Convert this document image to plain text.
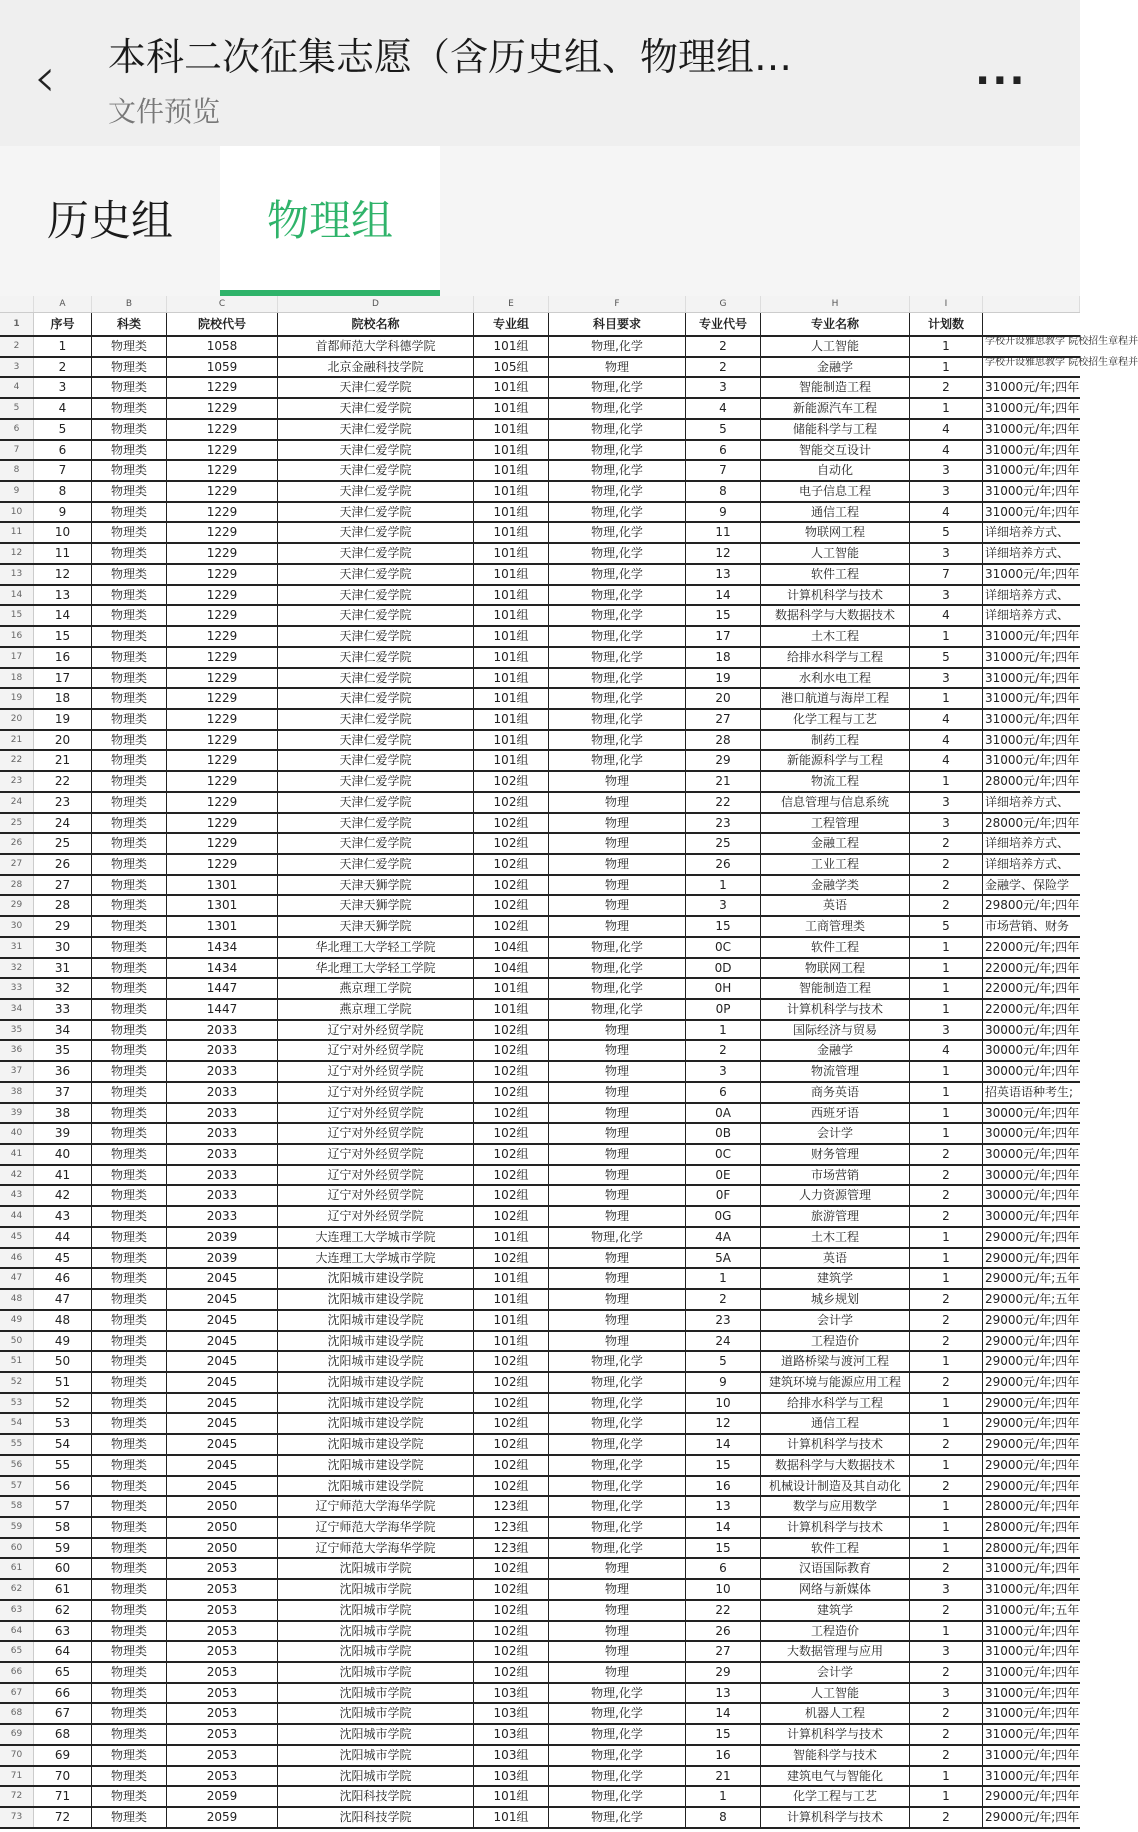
‹	本科二次征集志愿（含历史组、物理组…
文件预览
···
历史组	物理组
A	B	C	D	E	F	G	H	I
1	序号	科类	院校代号	院校名称	专业组	科目要求	专业代号	专业名称	计划数
2	1	物理类	1058	首都师范大学科德学院	101组	物理,化学	2	人工智能	1	学校开设雅思教学 院校招生章程并
3	2	物理类	1059	北京金融科技学院	105组	物理	2	金融学	1	学校开设雅思教学 院校招生章程并
4	3	物理类	1229	天津仁爱学院	101组	物理,化学	3	智能制造工程	2	31000元/年;四年
5	4	物理类	1229	天津仁爱学院	101组	物理,化学	4	新能源汽车工程	1	31000元/年;四年
6	5	物理类	1229	天津仁爱学院	101组	物理,化学	5	储能科学与工程	4	31000元/年;四年
7	6	物理类	1229	天津仁爱学院	101组	物理,化学	6	智能交互设计	4	31000元/年;四年
8	7	物理类	1229	天津仁爱学院	101组	物理,化学	7	自动化	3	31000元/年;四年
9	8	物理类	1229	天津仁爱学院	101组	物理,化学	8	电子信息工程	3	31000元/年;四年
10	9	物理类	1229	天津仁爱学院	101组	物理,化学	9	通信工程	4	31000元/年;四年
11	10	物理类	1229	天津仁爱学院	101组	物理,化学	11	物联网工程	5	详细培养方式、
12	11	物理类	1229	天津仁爱学院	101组	物理,化学	12	人工智能	3	详细培养方式、
13	12	物理类	1229	天津仁爱学院	101组	物理,化学	13	软件工程	7	31000元/年;四年
14	13	物理类	1229	天津仁爱学院	101组	物理,化学	14	计算机科学与技术	3	详细培养方式、
15	14	物理类	1229	天津仁爱学院	101组	物理,化学	15	数据科学与大数据技术	4	详细培养方式、
16	15	物理类	1229	天津仁爱学院	101组	物理,化学	17	土木工程	1	31000元/年;四年
17	16	物理类	1229	天津仁爱学院	101组	物理,化学	18	给排水科学与工程	5	31000元/年;四年
18	17	物理类	1229	天津仁爱学院	101组	物理,化学	19	水利水电工程	3	31000元/年;四年
19	18	物理类	1229	天津仁爱学院	101组	物理,化学	20	港口航道与海岸工程	1	31000元/年;四年
20	19	物理类	1229	天津仁爱学院	101组	物理,化学	27	化学工程与工艺	4	31000元/年;四年
21	20	物理类	1229	天津仁爱学院	101组	物理,化学	28	制药工程	4	31000元/年;四年
22	21	物理类	1229	天津仁爱学院	101组	物理,化学	29	新能源科学与工程	4	31000元/年;四年
23	22	物理类	1229	天津仁爱学院	102组	物理	21	物流工程	1	28000元/年;四年
24	23	物理类	1229	天津仁爱学院	102组	物理	22	信息管理与信息系统	3	详细培养方式、
25	24	物理类	1229	天津仁爱学院	102组	物理	23	工程管理	3	28000元/年;四年
26	25	物理类	1229	天津仁爱学院	102组	物理	25	金融工程	2	详细培养方式、
27	26	物理类	1229	天津仁爱学院	102组	物理	26	工业工程	2	详细培养方式、
28	27	物理类	1301	天津天狮学院	102组	物理	1	金融学类	2	金融学、保险学
29	28	物理类	1301	天津天狮学院	102组	物理	3	英语	2	29800元/年;四年
30	29	物理类	1301	天津天狮学院	102组	物理	15	工商管理类	5	市场营销、财务
31	30	物理类	1434	华北理工大学轻工学院	104组	物理,化学	0C	软件工程	1	22000元/年;四年
32	31	物理类	1434	华北理工大学轻工学院	104组	物理,化学	0D	物联网工程	1	22000元/年;四年
33	32	物理类	1447	燕京理工学院	101组	物理,化学	0H	智能制造工程	1	22000元/年;四年
34	33	物理类	1447	燕京理工学院	101组	物理,化学	0P	计算机科学与技术	1	22000元/年;四年
35	34	物理类	2033	辽宁对外经贸学院	102组	物理	1	国际经济与贸易	3	30000元/年;四年
36	35	物理类	2033	辽宁对外经贸学院	102组	物理	2	金融学	4	30000元/年;四年
37	36	物理类	2033	辽宁对外经贸学院	102组	物理	3	物流管理	1	30000元/年;四年
38	37	物理类	2033	辽宁对外经贸学院	102组	物理	6	商务英语	1	招英语语种考生;
39	38	物理类	2033	辽宁对外经贸学院	102组	物理	0A	西班牙语	1	30000元/年;四年
40	39	物理类	2033	辽宁对外经贸学院	102组	物理	0B	会计学	1	30000元/年;四年
41	40	物理类	2033	辽宁对外经贸学院	102组	物理	0C	财务管理	2	30000元/年;四年
42	41	物理类	2033	辽宁对外经贸学院	102组	物理	0E	市场营销	2	30000元/年;四年
43	42	物理类	2033	辽宁对外经贸学院	102组	物理	0F	人力资源管理	2	30000元/年;四年
44	43	物理类	2033	辽宁对外经贸学院	102组	物理	0G	旅游管理	2	30000元/年;四年
45	44	物理类	2039	大连理工大学城市学院	101组	物理,化学	4A	土木工程	1	29000元/年;四年
46	45	物理类	2039	大连理工大学城市学院	102组	物理	5A	英语	1	29000元/年;四年
47	46	物理类	2045	沈阳城市建设学院	101组	物理	1	建筑学	1	29000元/年;五年
48	47	物理类	2045	沈阳城市建设学院	101组	物理	2	城乡规划	2	29000元/年;五年
49	48	物理类	2045	沈阳城市建设学院	101组	物理	23	会计学	2	29000元/年;四年
50	49	物理类	2045	沈阳城市建设学院	101组	物理	24	工程造价	2	29000元/年;四年
51	50	物理类	2045	沈阳城市建设学院	102组	物理,化学	5	道路桥梁与渡河工程	1	29000元/年;四年
52	51	物理类	2045	沈阳城市建设学院	102组	物理,化学	9	建筑环境与能源应用工程	2	29000元/年;四年
53	52	物理类	2045	沈阳城市建设学院	102组	物理,化学	10	给排水科学与工程	1	29000元/年;四年
54	53	物理类	2045	沈阳城市建设学院	102组	物理,化学	12	通信工程	1	29000元/年;四年
55	54	物理类	2045	沈阳城市建设学院	102组	物理,化学	14	计算机科学与技术	2	29000元/年;四年
56	55	物理类	2045	沈阳城市建设学院	102组	物理,化学	15	数据科学与大数据技术	1	29000元/年;四年
57	56	物理类	2045	沈阳城市建设学院	102组	物理,化学	16	机械设计制造及其自动化	2	29000元/年;四年
58	57	物理类	2050	辽宁师范大学海华学院	123组	物理,化学	13	数学与应用数学	1	28000元/年;四年
59	58	物理类	2050	辽宁师范大学海华学院	123组	物理,化学	14	计算机科学与技术	1	28000元/年;四年
60	59	物理类	2050	辽宁师范大学海华学院	123组	物理,化学	15	软件工程	1	28000元/年;四年
61	60	物理类	2053	沈阳城市学院	102组	物理	6	汉语国际教育	2	31000元/年;四年
62	61	物理类	2053	沈阳城市学院	102组	物理	10	网络与新媒体	3	31000元/年;四年
63	62	物理类	2053	沈阳城市学院	102组	物理	22	建筑学	2	31000元/年;五年
64	63	物理类	2053	沈阳城市学院	102组	物理	26	工程造价	1	31000元/年;四年
65	64	物理类	2053	沈阳城市学院	102组	物理	27	大数据管理与应用	3	31000元/年;四年
66	65	物理类	2053	沈阳城市学院	102组	物理	29	会计学	2	31000元/年;四年
67	66	物理类	2053	沈阳城市学院	103组	物理,化学	13	人工智能	3	31000元/年;四年
68	67	物理类	2053	沈阳城市学院	103组	物理,化学	14	机器人工程	2	31000元/年;四年
69	68	物理类	2053	沈阳城市学院	103组	物理,化学	15	计算机科学与技术	2	31000元/年;四年
70	69	物理类	2053	沈阳城市学院	103组	物理,化学	16	智能科学与技术	2	31000元/年;四年
71	70	物理类	2053	沈阳城市学院	103组	物理,化学	21	建筑电气与智能化	1	31000元/年;四年
72	71	物理类	2059	沈阳科技学院	101组	物理,化学	1	化学工程与工艺	1	29000元/年;四年
73	72	物理类	2059	沈阳科技学院	101组	物理,化学	8	计算机科学与技术	2	29000元/年;四年
